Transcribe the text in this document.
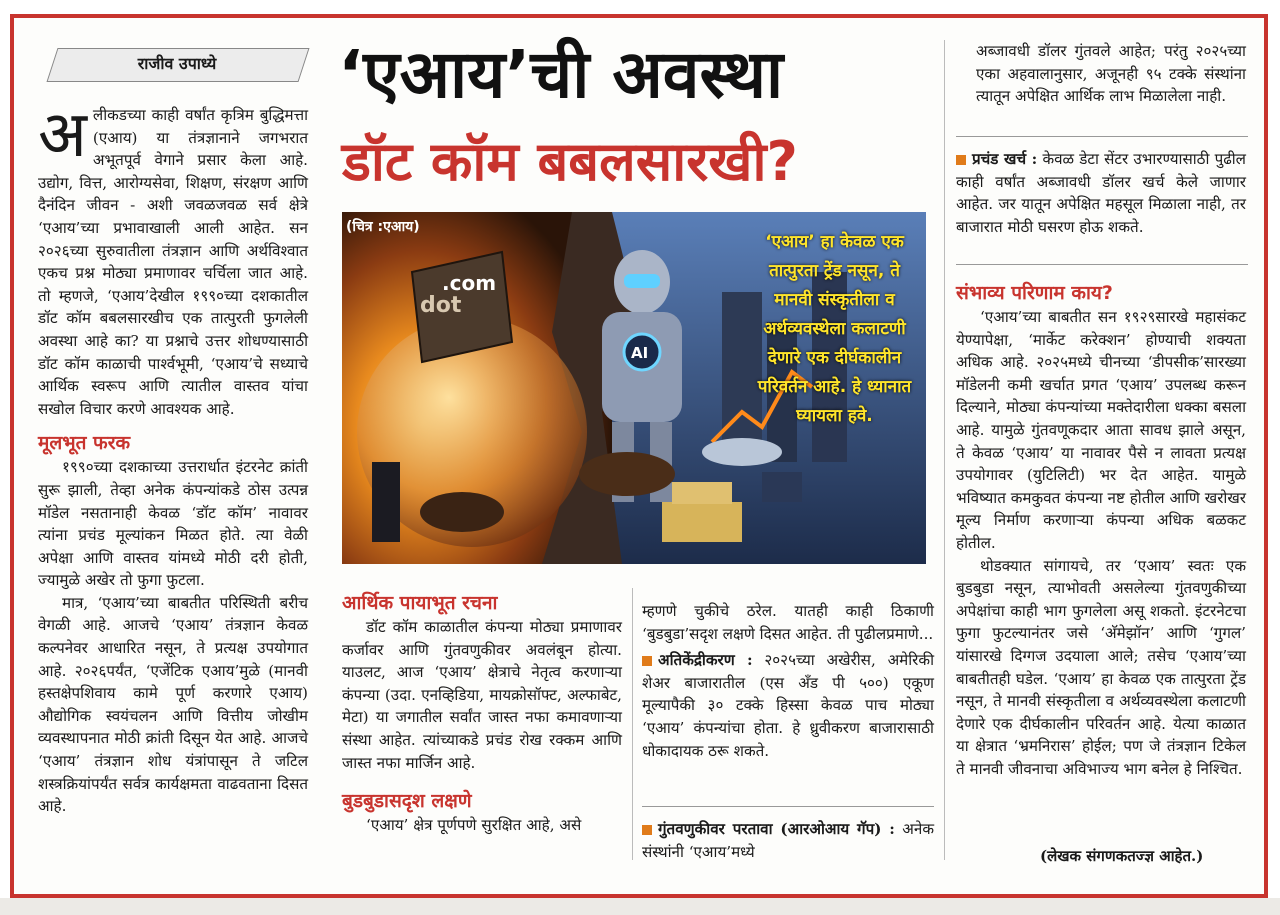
राजीव उपाध्ये

अलीकडच्या काही वर्षांत कृत्रिम बुद्धिमत्ता (एआय) या तंत्रज्ञानाने जगभरात अभूतपूर्व वेगाने प्रसार केला आहे. उद्योग, वित्त, आरोग्यसेवा, शिक्षण, संरक्षण आणि दैनंदिन जीवन - अशी जवळजवळ सर्व क्षेत्रे ‘एआय’च्या प्रभावाखाली आली आहेत. सन २०२६च्या सुरुवातीला तंत्रज्ञान आणि अर्थविश्वात एकच प्रश्न मोठ्या प्रमाणावर चर्चिला जात आहे. तो म्हणजे, ‘एआय’देखील १९९०च्या दशकातील डॉट कॉम बबलसारखीच एक तात्पुरती फुगलेली अवस्था आहे का? या प्रश्नाचे उत्तर शोधण्यासाठी डॉट कॉम काळाची पार्श्वभूमी, ‘एआय’चे सध्याचे आर्थिक स्वरूप आणि त्यातील वास्तव यांचा सखोल विचार करणे आवश्यक आहे.

मूलभूत फरक

१९९०च्या दशकाच्या उत्तरार्धात इंटरनेट क्रांती सुरू झाली, तेव्हा अनेक कंपन्यांकडे ठोस उत्पन्न मॉडेल नसतानाही केवळ ‘डॉट कॉम’ नावावर त्यांना प्रचंड मूल्यांकन मिळत होते. त्या वेळी अपेक्षा आणि वास्तव यांमध्ये मोठी दरी होती, ज्यामुळे अखेर तो फुगा फुटला.

मात्र, ‘एआय’च्या बाबतीत परिस्थिती बरीच वेगळी आहे. आजचे ‘एआय’ तंत्रज्ञान केवळ कल्पनेवर आधारित नसून, ते प्रत्यक्ष उपयोगात आहे. २०२६पर्यंत, ‘एजेंटिक एआय’मुळे (मानवी हस्तक्षेपशिवाय कामे पूर्ण करणारे एआय) औद्योगिक स्वयंचलन आणि वित्तीय जोखीम व्यवस्थापनात मोठी क्रांती दिसून येत आहे. आजचे ‘एआय’ तंत्रज्ञान शोध यंत्रांपासून ते जटिल शस्त्रक्रियांपर्यंत सर्वत्र कार्यक्षमता वाढवताना दिसत आहे.

‘एआय’ची अवस्था
डॉट कॉम बबलसारखी?
dot
.com
AI
(चित्र :एआय)
‘एआय’ हा केवळ एक तात्पुरता ट्रेंड नसून, ते मानवी संस्कृतीला व अर्थव्यवस्थेला कलाटणी देणारे एक दीर्घकालीन परिवर्तन आहे. हे ध्यानात घ्यायला हवे.
आर्थिक पायाभूत रचना

डॉट कॉम काळातील कंपन्या मोठ्या प्रमाणावर कर्जावर आणि गुंतवणुकीवर अवलंबून होत्या. याउलट, आज ‘एआय’ क्षेत्राचे नेतृत्व करणाऱ्या कंपन्या (उदा. एनव्हिडिया, मायक्रोसॉफ्ट, अल्फाबेट, मेटा) या जगातील सर्वांत जास्त नफा कमावणाऱ्या संस्था आहेत. त्यांच्याकडे प्रचंड रोख रक्कम आणि जास्त नफा मार्जिन आहे.

बुडबुडासदृश लक्षणे

‘एआय’ क्षेत्र पूर्णपणे सुरक्षित आहे, असे

म्हणणे चुकीचे ठरेल. यातही काही ठिकाणी ‘बुडबुडा’सदृश लक्षणे दिसत आहेत. ती पुढीलप्रमाणे...

अतिकेंद्रीकरण : २०२५च्या अखेरीस, अमेरिकी शेअर बाजारातील (एस अँड पी ५००) एकूण मूल्यापैकी ३० टक्के हिस्सा केवळ पाच मोठ्या ‘एआय’ कंपन्यांचा होता. हे ध्रुवीकरण बाजारासाठी धोकादायक ठरू शकते.

गुंतवणुकीवर परतावा (आरओआय गॅप) : अनेक संस्थांनी ‘एआय’मध्ये

अब्जावधी डॉलर गुंतवले आहेत; परंतु २०२५च्या एका अहवालानुसार, अजूनही ९५ टक्के संस्थांना त्यातून अपेक्षित आर्थिक लाभ मिळालेला नाही.

प्रचंड खर्च : केवळ डेटा सेंटर उभारण्यासाठी पुढील काही वर्षांत अब्जावधी डॉलर खर्च केले जाणार आहेत. जर यातून अपेक्षित महसूल मिळाला नाही, तर बाजारात मोठी घसरण होऊ शकते.

संभाव्य परिणाम काय?

‘एआय’च्या बाबतीत सन १९२९सारखे महासंकट येण्यापेक्षा, ‘मार्केट करेक्शन’ होण्याची शक्यता अधिक आहे. २०२५मध्ये चीनच्या ‘डीपसीक’सारख्या मॉडेलनी कमी खर्चात प्रगत ‘एआय’ उपलब्ध करून दिल्याने, मोठ्या कंपन्यांच्या मक्तेदारीला धक्का बसला आहे. यामुळे गुंतवणूकदार आता सावध झाले असून, ते केवळ ‘एआय’ या नावावर पैसे न लावता प्रत्यक्ष उपयोगावर (युटिलिटी) भर देत आहेत. यामुळे भविष्यात कमकुवत कंपन्या नष्ट होतील आणि खरोखर मूल्य निर्माण करणाऱ्या कंपन्या अधिक बळकट होतील.

थोडक्यात सांगायचे, तर ‘एआय’ स्वतः एक बुडबुडा नसून, त्याभोवती असलेल्या गुंतवणुकीच्या अपेक्षांचा काही भाग फुगलेला असू शकतो. इंटरनेटचा फुगा फुटल्यानंतर जसे ‘अ‍ॅमेझॉन’ आणि ‘गुगल’ यांसारखे दिग्गज उदयाला आले; तसेच ‘एआय’च्या बाबतीतही घडेल. ‘एआय’ हा केवळ एक तात्पुरता ट्रेंड नसून, ते मानवी संस्कृतीला व अर्थव्यवस्थेला कलाटणी देणारे एक दीर्घकालीन परिवर्तन आहे. येत्या काळात या क्षेत्रात ‘भ्रमनिरास’ होईल; पण जे तंत्रज्ञान टिकेल ते मानवी जीवनाचा अविभाज्य भाग बनेल हे निश्चित.

(लेखक संगणकतज्ज्ञ आहेत.)
